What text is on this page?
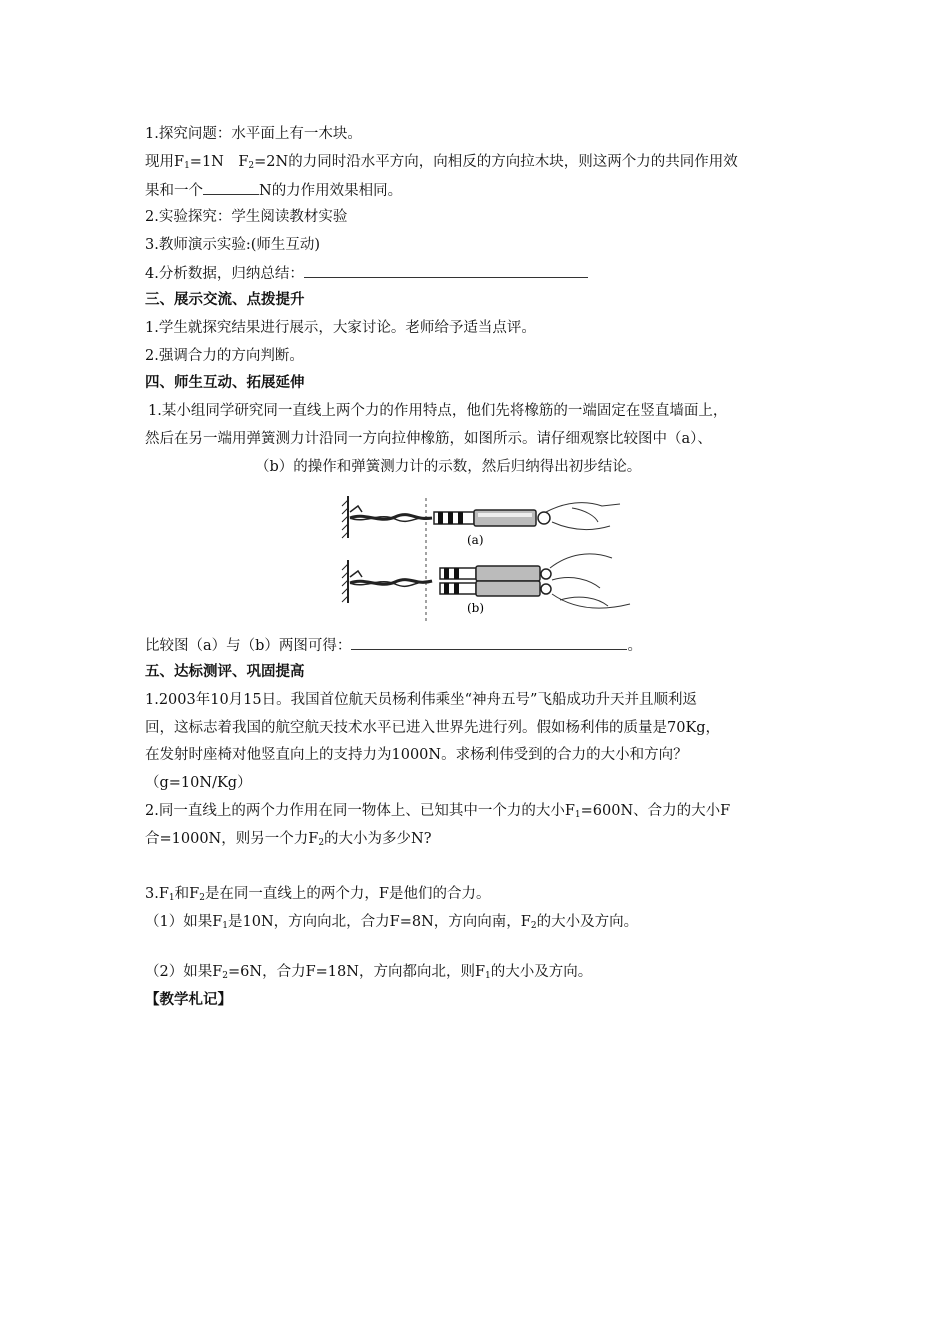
1.探究问题：水平面上有一木块。
现用$F_1=1N$　$F_2=2N$的力同时沿水平方向，向相反的方向拉木块，则这两个力的共同作用效
果和一个	N的力作用效果相同。
2.实验探究：学生阅读教材实验
3.教师演示实验:(师生互动)
4.分析数据，归纳总结：
三、展示交流、点拨提升
1.学生就探究结果进行展示，大家讨论。老师给予适当点评。
2.强调合力的方向判断。
四、师生互动、拓展延伸
1.某小组同学研究同一直线上两个力的作用特点，他们先将橡筋的一端固定在竖直墙面上，
然后在另一端用弹簧测力计沿同一方向拉伸橡筋，如图所示。请仔细观察比较图中（a）、
（b）的操作和弹簧测力计的示数，然后归纳得出初步结论。
(a)
(b)
比较图（a）与（b）两图可得：	。
五、达标测评、巩固提高
1.2003年10月15日。我国首位航天员杨利伟乘坐“神舟五号”飞船成功升天并且顺利返
回，这标志着我国的航空航天技术水平已进入世界先进行列。假如杨利伟的质量是70Kg，
在发射时座椅对他竖直向上的支持力为1000N。求杨利伟受到的合力的大小和方向？
（g=10N/Kg）
2.同一直线上的两个力作用在同一物体上、已知其中一个力的大小$F_1=600N$、合力的大小F
合=1000N，则另一个力$F_2$的大小为多少N?
$3.F_1$和$F_2$是在同一直线上的两个力，F是他们的合力。
（1）如果$F_1$是10N，方向向北，合力F=8N，方向向南，$F_2$的大小及方向。
（2）如果$F_2=6N$，合力F=18N，方向都向北，则$F_1$的大小及方向。
【教学札记】
